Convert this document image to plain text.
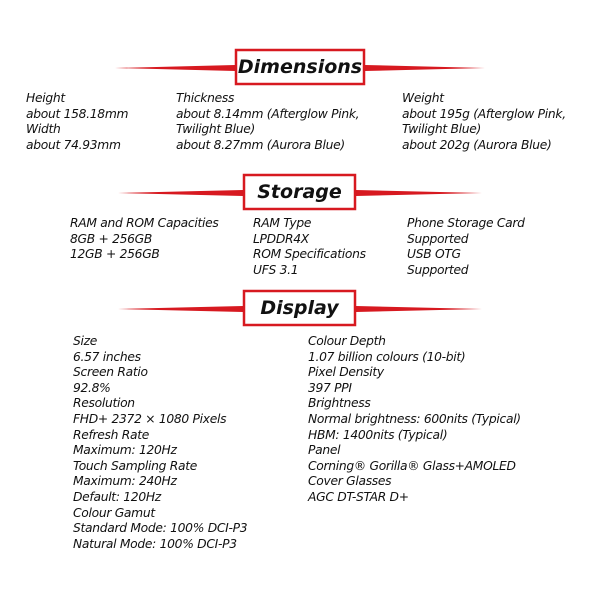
Dimensions
Height
about 158.18mm
Width
about 74.93mm
Thickness
about 8.14mm (Afterglow Pink,
Twilight Blue)
about 8.27mm (Aurora Blue)
Weight
about 195g (Afterglow Pink,
Twilight Blue)
about 202g (Aurora Blue)
Storage
RAM and ROM Capacities
8GB + 256GB
12GB + 256GB
RAM Type
LPDDR4X
ROM Specifications
UFS 3.1
Phone Storage Card
Supported
USB OTG
Supported
Display
Size
6.57 inches
Screen Ratio
92.8%
Resolution
FHD+ 2372 × 1080 Pixels
Refresh Rate
Maximum: 120Hz
Touch Sampling Rate
Maximum: 240Hz
Default: 120Hz
Colour Gamut
Standard Mode: 100% DCI-P3
Natural Mode: 100% DCI-P3
Colour Depth
1.07 billion colours (10-bit)
Pixel Density
397 PPI
Brightness
Normal brightness: 600nits (Typical)
HBM: 1400nits (Typical)
Panel
Corning® Gorilla® Glass+AMOLED
Cover Glasses
AGC DT-STAR D+
